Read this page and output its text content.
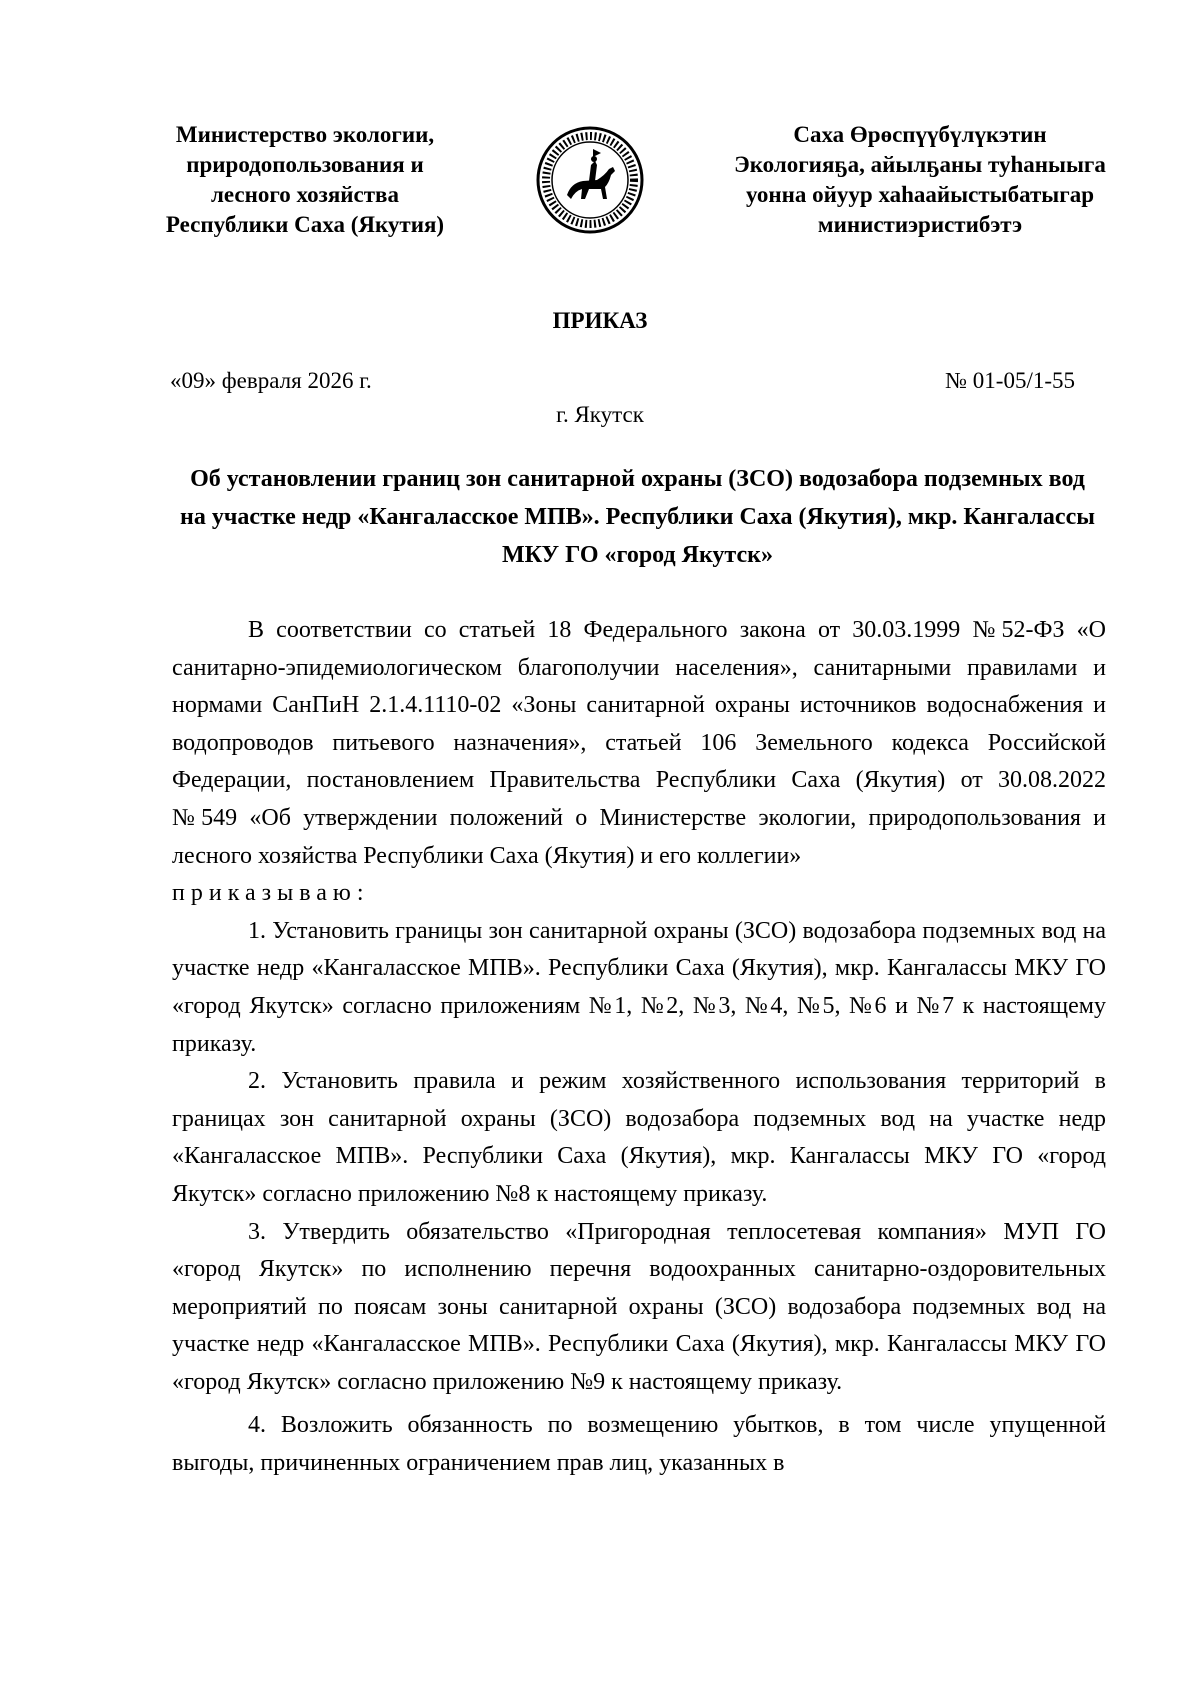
Министерство экологии,
природопользования и
лесного хозяйства
Республики Саха (Якутия)
Саха Өрөспүүбүлүкэтин
Экологияҕа, айылҕаны туһаныыга
уонна ойуур хаһаайыстыбатыгар
министиэристибэтэ
ПРИКАЗ
«09» февраля 2026 г.	№ 01-05/1-55
г. Якутск
Об установлении границ зон санитарной охраны (ЗСО) водозабора подземных вод на участке недр «Кангаласское МПВ». Республики Саха (Якутия), мкр. Кангалассы МКУ ГО «город Якутск»

В соответствии со статьей 18 Федерального закона от 30.03.1999 №52-ФЗ «О санитарно-эпидемиологическом благополучии населения», санитарными правилами и нормами СанПиН 2.1.4.1110-02 «Зоны санитарной охраны источников водоснабжения и водопроводов питьевого назначения», статьей 106 Земельного кодекса Российской Федерации, постановлением Правительства Республики Саха (Якутия) от 30.08.2022 №549 «Об утверждении положений о Министерстве экологии, природопользования и лесного хозяйства Республики Саха (Якутия) и его коллегии»

приказываю:

1. Установить границы зон санитарной охраны (ЗСО) водозабора подземных вод на участке недр «Кангаласское МПВ». Республики Саха (Якутия), мкр. Кангалассы МКУ ГО «город Якутск» согласно приложениям №1, №2, №3, №4, №5, №6 и №7 к настоящему приказу.

2. Установить правила и режим хозяйственного использования территорий в границах зон санитарной охраны (ЗСО) водозабора подземных вод на участке недр «Кангаласское МПВ». Республики Саха (Якутия), мкр. Кангалассы МКУ ГО «город Якутск» согласно приложению №8 к настоящему приказу.

3. Утвердить обязательство «Пригородная теплосетевая компания» МУП ГО «город Якутск» по исполнению перечня водоохранных санитарно-оздоровительных мероприятий по поясам зоны санитарной охраны (ЗСО) водозабора подземных вод на участке недр «Кангаласское МПВ». Республики Саха (Якутия), мкр. Кангалассы МКУ ГО «город Якутск» согласно приложению №9 к настоящему приказу.

4. Возложить обязанность по возмещению убытков, в том числе упущенной выгоды, причиненных ограничением прав лиц, указанных в
